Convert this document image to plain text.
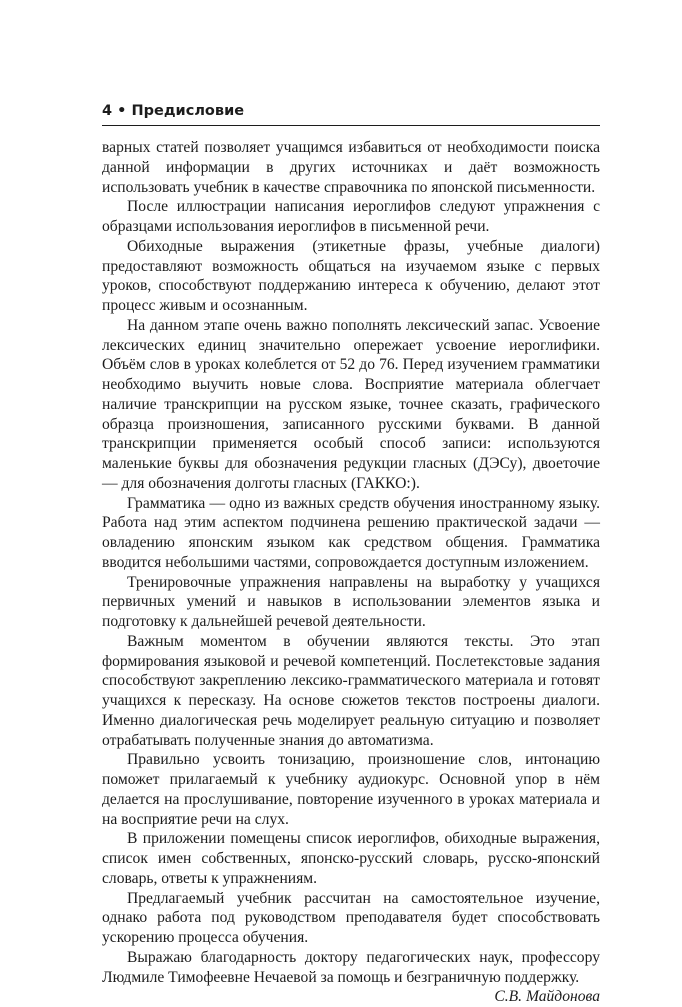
4 • Предисловие

варных статей позволяет учащимся избавиться от необходимости поиска данной информации в других источниках и даёт возможность использовать учебник в качестве справочника по японской письменности.

После иллюстрации написания иероглифов следуют упражнения с образцами использования иероглифов в письменной речи.

Обиходные выражения (этикетные фразы, учебные диалоги) предоставляют возможность общаться на изучаемом языке с первых уроков, способствуют поддержанию интереса к обучению, делают этот процесс живым и осознанным.

На данном этапе очень важно пополнять лексический запас. Усвоение лексических единиц значительно опережает усвоение иероглифики. Объём слов в уроках колеблется от 52 до 76. Перед изучением грамматики необходимо выучить новые слова. Восприятие материала облегчает наличие транскрипции на русском языке, точнее сказать, графического образца произношения, записанного русскими буквами. В данной транскрипции применяется особый способ записи: используются маленькие буквы для обозначения редукции гласных (ДЭСу), двоеточие — для обозначения долготы гласных (ГАККО:).

Грамматика — одно из важных средств обучения иностранному языку. Работа над этим аспектом подчинена решению практической задачи — овладению японским языком как средством общения. Грамматика вводится небольшими частями, сопровождается доступным изложением.

Тренировочные упражнения направлены на выработку у учащихся первичных умений и навыков в использовании элементов языка и подготовку к дальнейшей речевой деятельности.

Важным моментом в обучении являются тексты. Это этап формирования языковой и речевой компетенций. Послетекстовые задания способствуют закреплению лексико-грамматического материала и готовят учащихся к пересказу. На основе сюжетов текстов построены диалоги. Именно диалогическая речь моделирует реальную ситуацию и позволяет отрабатывать полученные знания до автоматизма.

Правильно усвоить тонизацию, произношение слов, интонацию поможет прилагаемый к учебнику аудиокурс. Основной упор в нём делается на прослушивание, повторение изученного в уроках материала и на восприятие речи на слух.

В приложении помещены список иероглифов, обиходные выражения, список имен собственных, японско-русский словарь, русско-японский словарь, ответы к упражнениям.

Предлагаемый учебник рассчитан на самостоятельное изучение, однако работа под руководством преподавателя будет способствовать ускорению процесса обучения.

Выражаю благодарность доктору педагогических наук, профессору Людмиле Тимофеевне Нечаевой за помощь и безграничную поддержку.

С.В. Майдонова
